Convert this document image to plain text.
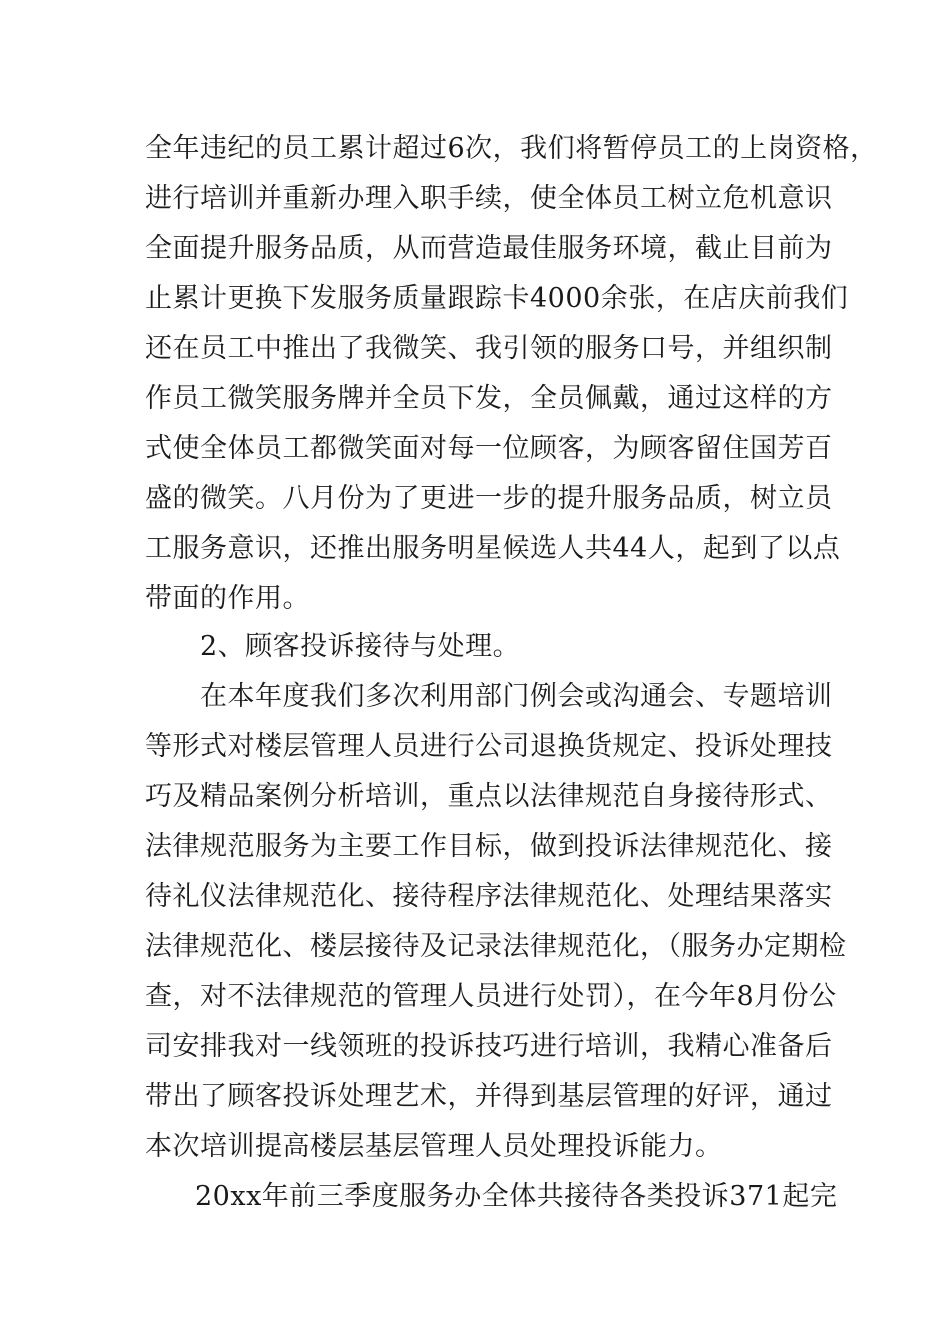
全年违纪的员工累计超过6次，我们将暂停员工的上岗资格，
进行培训并重新办理入职手续，使全体员工树立危机意识
全面提升服务品质，从而营造最佳服务环境，截止目前为
止累计更换下发服务质量跟踪卡4000余张，在店庆前我们
还在员工中推出了我微笑、我引领的服务口号，并组织制
作员工微笑服务牌并全员下发，全员佩戴，通过这样的方
式使全体员工都微笑面对每一位顾客，为顾客留住国芳百
盛的微笑。八月份为了更进一步的提升服务品质，树立员
工服务意识，还推出服务明星候选人共44人，起到了以点
带面的作用。
2、顾客投诉接待与处理。
在本年度我们多次利用部门例会或沟通会、专题培训
等形式对楼层管理人员进行公司退换货规定、投诉处理技
巧及精品案例分析培训，重点以法律规范自身接待形式、
法律规范服务为主要工作目标，做到投诉法律规范化、接
待礼仪法律规范化、接待程序法律规范化、处理结果落实
法律规范化、楼层接待及记录法律规范化，（服务办定期检
查，对不法律规范的管理人员进行处罚），在今年8月份公
司安排我对一线领班的投诉技巧进行培训，我精心准备后
带出了顾客投诉处理艺术，并得到基层管理的好评，通过
本次培训提高楼层基层管理人员处理投诉能力。
20xx年前三季度服务办全体共接待各类投诉371起完
